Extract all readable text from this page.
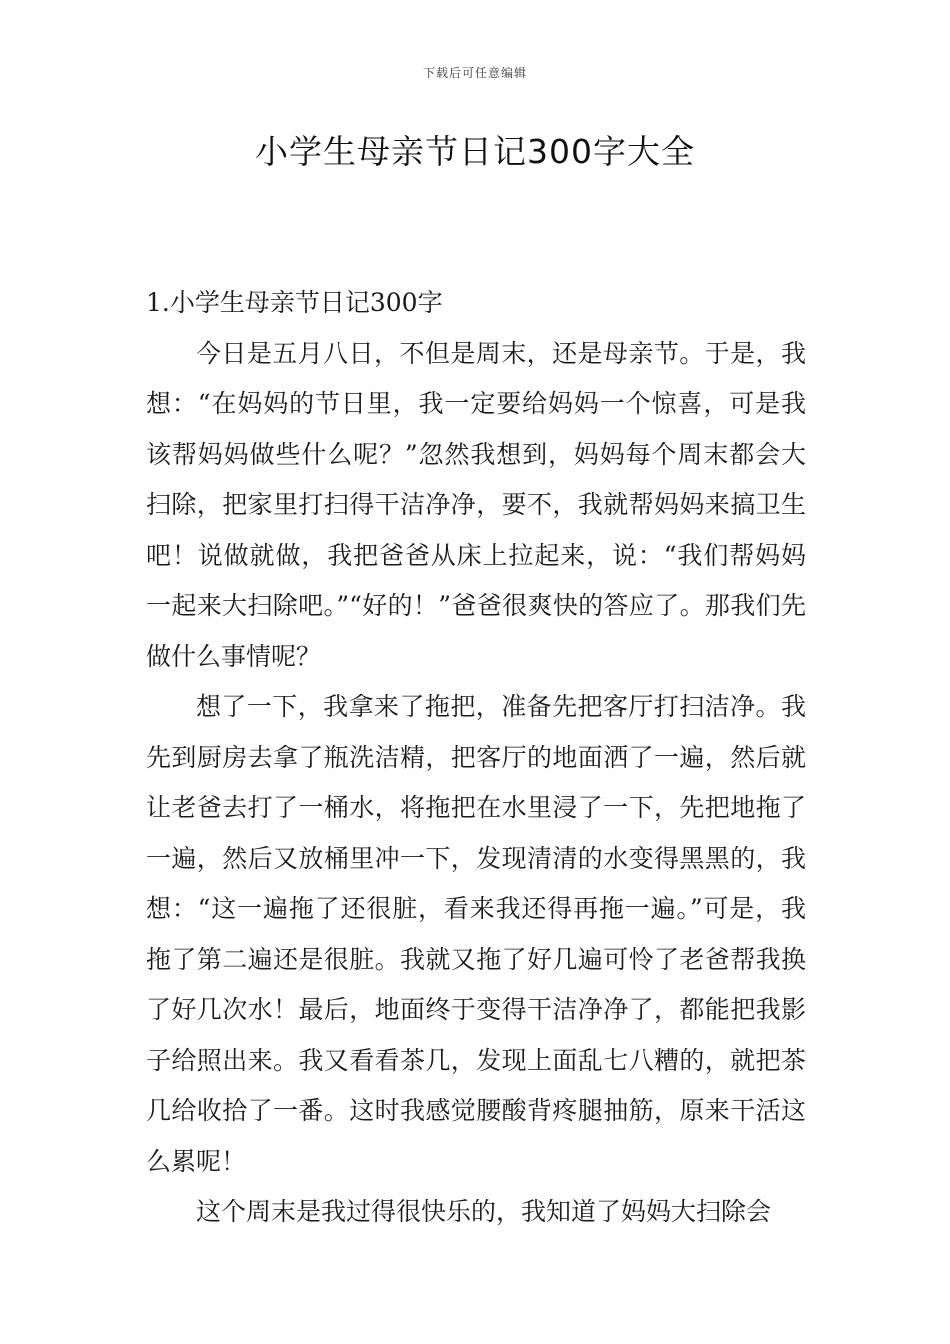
下载后可任意编辑
小学生母亲节日记300字大全

1.小学生母亲节日记300字

今日是五月八日，不但是周末，还是母亲节。于是，我想：“在妈妈的节日里，我一定要给妈妈一个惊喜，可是我该帮妈妈做些什么呢？”忽然我想到，妈妈每个周末都会大扫除，把家里打扫得干洁净净，要不，我就帮妈妈来搞卫生吧！说做就做，我把爸爸从床上拉起来，说：“我们帮妈妈一起来大扫除吧。”“好的！”爸爸很爽快的答应了。那我们先做什么事情呢？

想了一下，我拿来了拖把，准备先把客厅打扫洁净。我先到厨房去拿了瓶洗洁精，把客厅的地面洒了一遍，然后就让老爸去打了一桶水，将拖把在水里浸了一下，先把地拖了一遍，然后又放桶里冲一下，发现清清的水变得黑黑的，我想：“这一遍拖了还很脏，看来我还得再拖一遍。”可是，我拖了第二遍还是很脏。我就又拖了好几遍可怜了老爸帮我换了好几次水！最后，地面终于变得干洁净净了，都能把我影子给照出来。我又看看茶几，发现上面乱七八糟的，就把茶几给收拾了一番。这时我感觉腰酸背疼腿抽筋，原来干活这么累呢！

这个周末是我过得很快乐的，我知道了妈妈大扫除会
